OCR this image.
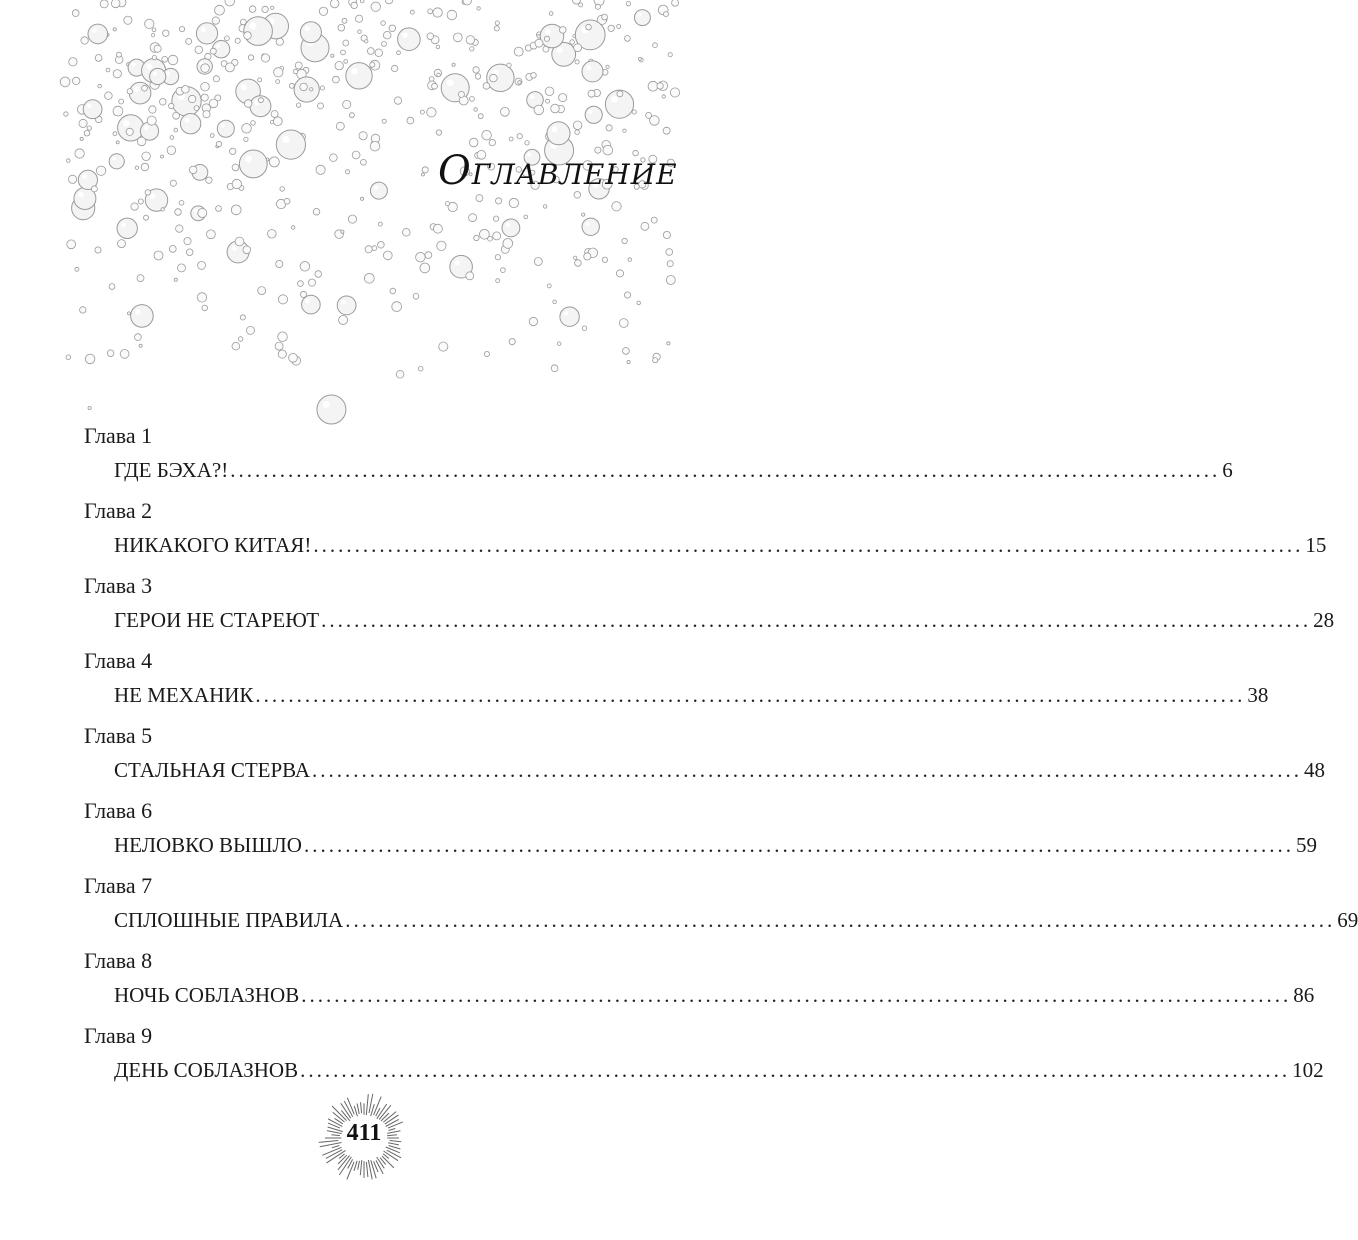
Оглавление
Глава 1
ГДЕ БЭХА?! ........................................................................................................................ 6
Глава 2
НИКАКОГО КИТАЯ! ........................................................................................................................ 15
Глава 3
ГЕРОИ НЕ СТАРЕЮТ ........................................................................................................................ 28
Глава 4
НЕ МЕХАНИК ........................................................................................................................ 38
Глава 5
СТАЛЬНАЯ СТЕРВА ........................................................................................................................ 48
Глава 6
НЕЛОВКО ВЫШЛО ........................................................................................................................ 59
Глава 7
СПЛОШНЫЕ ПРАВИЛА ........................................................................................................................ 69
Глава 8
НОЧЬ СОБЛАЗНОВ ........................................................................................................................ 86
Глава 9
ДЕНЬ СОБЛАЗНОВ ........................................................................................................................ 102
411
